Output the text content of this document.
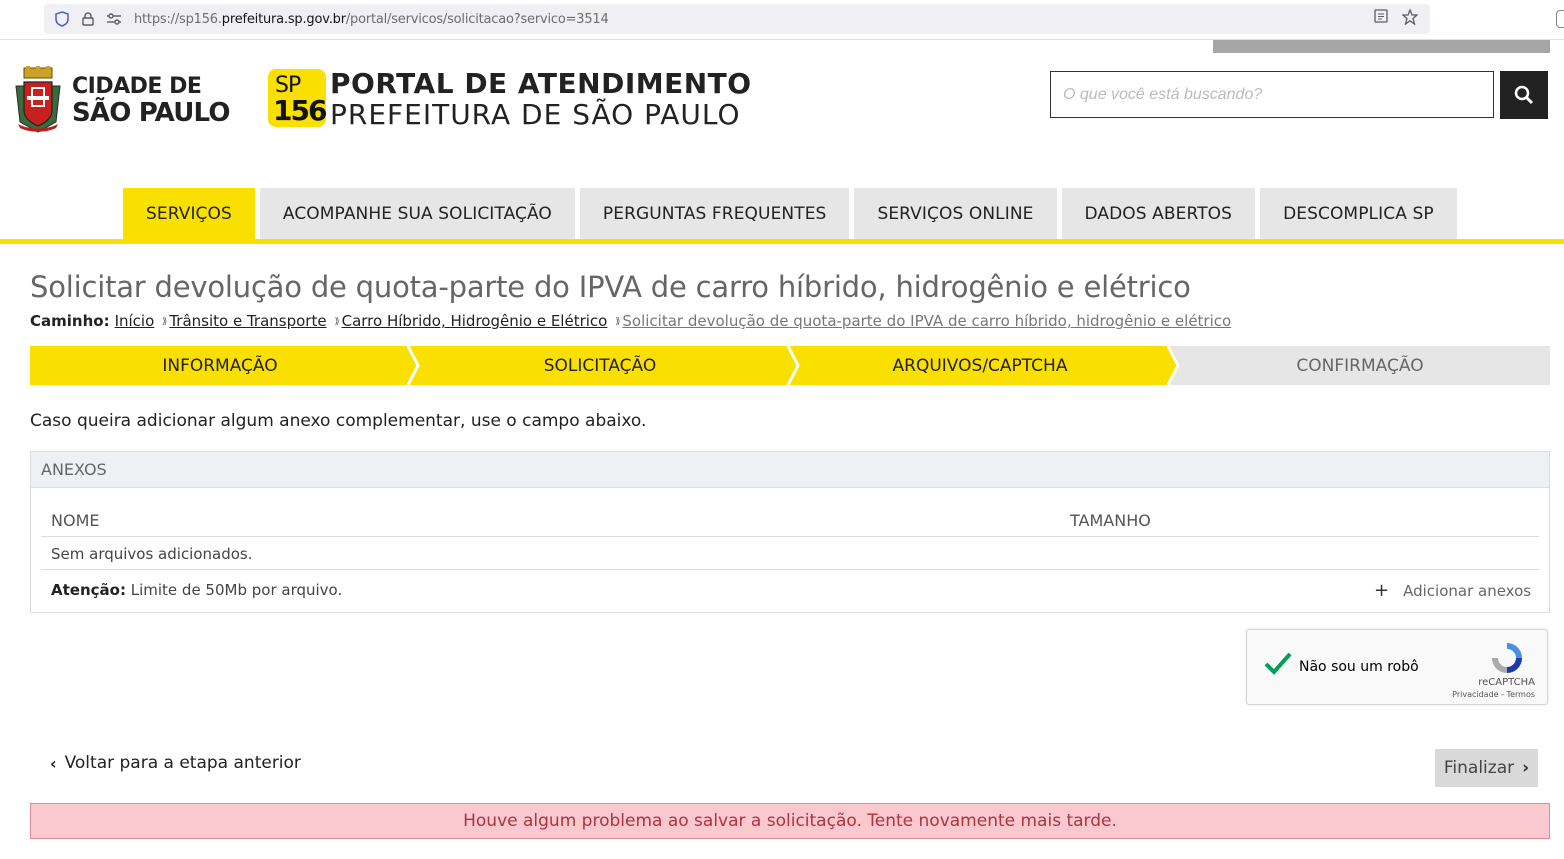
https://sp156.prefeitura.sp.gov.br/portal/servicos/solicitacao?servico=3514
CIDADE DE
SÃO PAULO
SP
156
PORTAL DE ATENDIMENTO
PREFEITURA DE SÃO PAULO
O que você está buscando?
SERVIÇOS	ACOMPANHE SUA SOLICITAÇÃO	PERGUNTAS FREQUENTES	SERVIÇOS ONLINE	DADOS ABERTOS	DESCOMPLICA SP
Solicitar devolução de quota-parte do IPVA de carro híbrido, hidrogênio e elétrico
Caminho: Início ⟩⟩ Trânsito e Transporte ⟩⟩ Carro Híbrido, Hidrogênio e Elétrico ⟩⟩ Solicitar devolução de quota-parte do IPVA de carro híbrido, hidrogênio e elétrico
INFORMAÇÃO	SOLICITAÇÃO	ARQUIVOS/CAPTCHA	CONFIRMAÇÃO
Caso queira adicionar algum anexo complementar, use o campo abaixo.
ANEXOS
NOME	TAMANHO
Sem arquivos adicionados.
Atenção: Limite de 50Mb por arquivo.	+ Adicionar anexos
Não sou um robô
reCAPTCHA
Privacidade - Termos
‹ Voltar para a etapa anterior	Finalizar ›
Houve algum problema ao salvar a solicitação. Tente novamente mais tarde.
